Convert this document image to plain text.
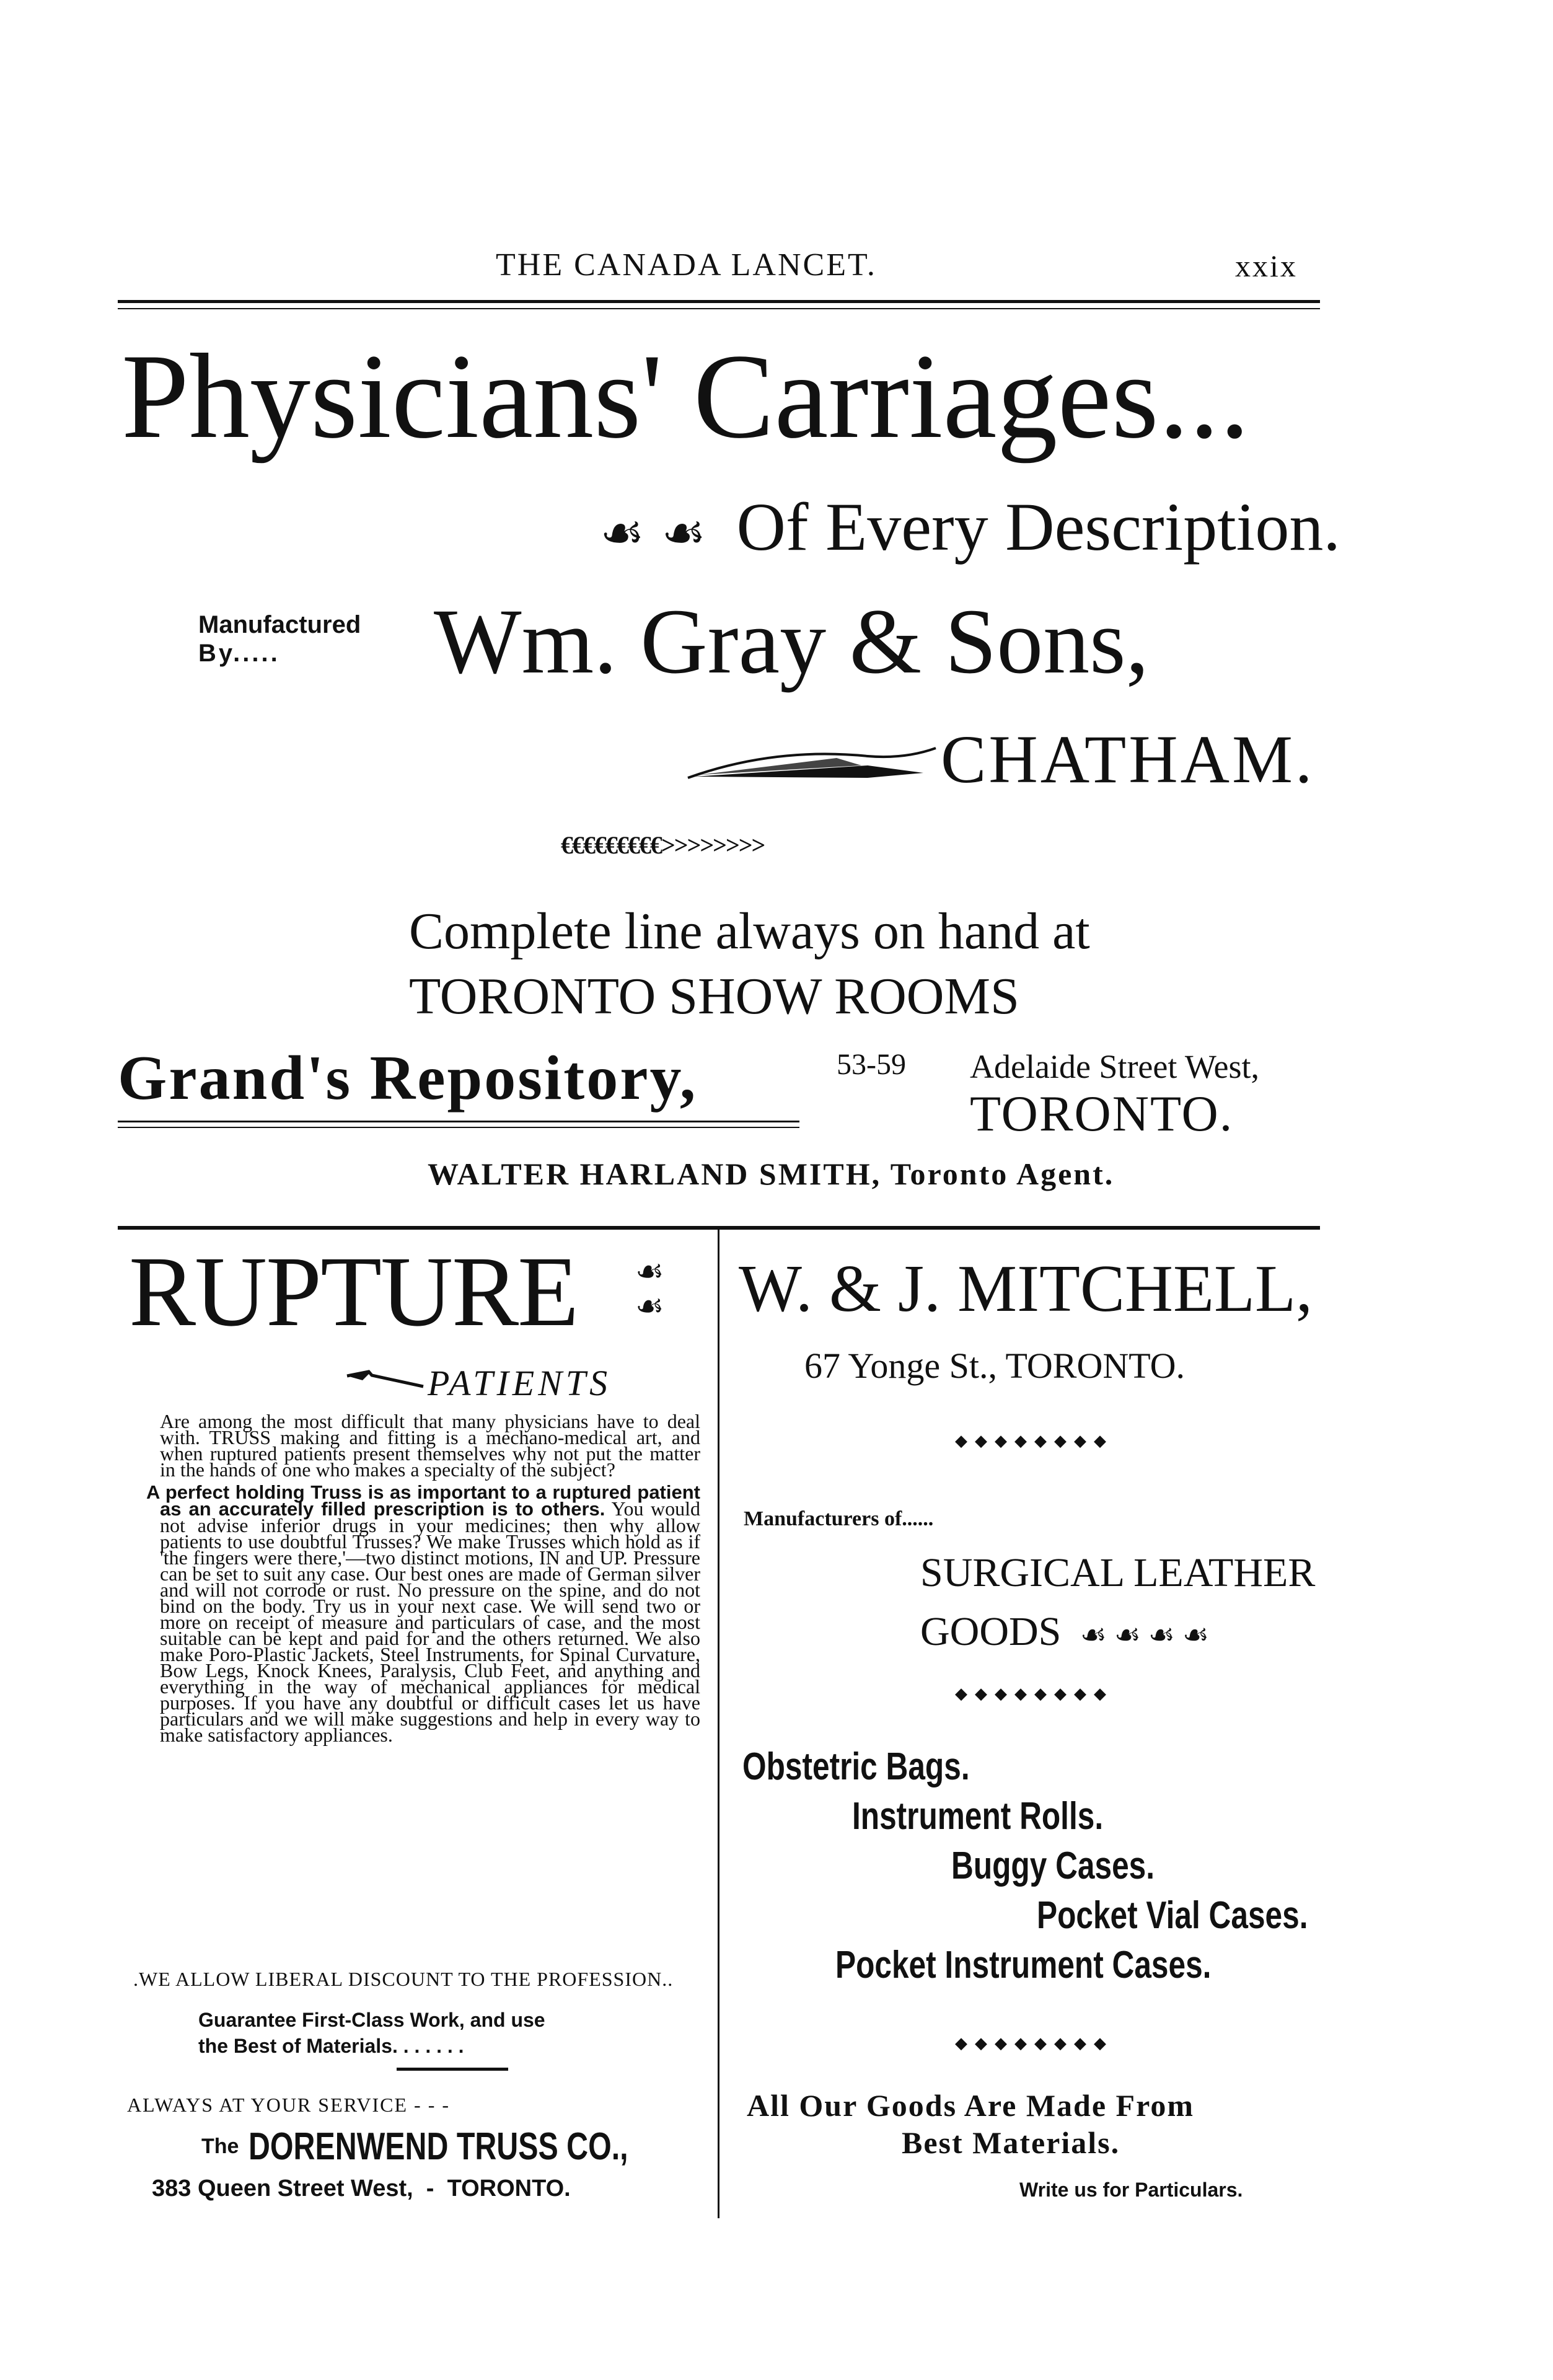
THE CANADA LANCET.	xxix
Physicians' Carriages...
☙ ☙ Of Every Description.
Manufactured
By.....	Wm. Gray & Sons,
CHATHAM.
€€€€€€€€€>>>>>>>>
Complete line always on hand at
TORONTO SHOW ROOMS
Grand's Repository,	53-59 Adelaide Street West,
TORONTO.
WALTER HARLAND SMITH, Toronto Agent.
RUPTURE ☙
☙
PATIENTS

Are among the most difficult that many physicians have to deal with. TRUSS making and fitting is a mechano-medical art, and when ruptured patients present themselves why not put the matter in the hands of one who makes a specialty of the subject?

A perfect holding Truss is as important to a ruptured patient as an accurately filled prescription is to others. You would not advise inferior drugs in your medicines; then why allow patients to use doubtful Trusses? We make Trusses which hold as if 'the fingers were there,'—two distinct motions, IN and UP. Pressure can be set to suit any case. Our best ones are made of German silver and will not corrode or rust. No pressure on the spine, and do not bind on the body. Try us in your next case. We will send two or more on receipt of measure and particulars of case, and the most suitable can be kept and paid for and the others returned. We also make Poro-Plastic Jackets, Steel Instruments, for Spinal Curvature, Bow Legs, Knock Knees, Paralysis, Club Feet, and anything and everything in the way of mechanical appliances for medical purposes. If you have any doubtful or difficult cases let us have particulars and we will make suggestions and help in every way to make satisfactory appliances.

.WE ALLOW LIBERAL DISCOUNT TO THE PROFESSION..
Guarantee First-Class Work, and use
the Best of Materials. . . . . . .
ALWAYS AT YOUR SERVICE - - -
The DORENWEND TRUSS CO.,
383 Queen Street West,  -  TORONTO.
W. & J. MITCHELL,
67 Yonge St., TORONTO.
◆ ◆ ◆ ◆ ◆ ◆ ◆ ◆
Manufacturers of......
SURGICAL LEATHER
GOODS ☙ ☙ ☙ ☙
◆ ◆ ◆ ◆ ◆ ◆ ◆ ◆
Obstetric Bags.
Instrument Rolls.
Buggy Cases.
Pocket Vial Cases.
Pocket Instrument Cases.
◆ ◆ ◆ ◆ ◆ ◆ ◆ ◆
All Our Goods Are Made From
Best Materials.
Write us for Particulars.
